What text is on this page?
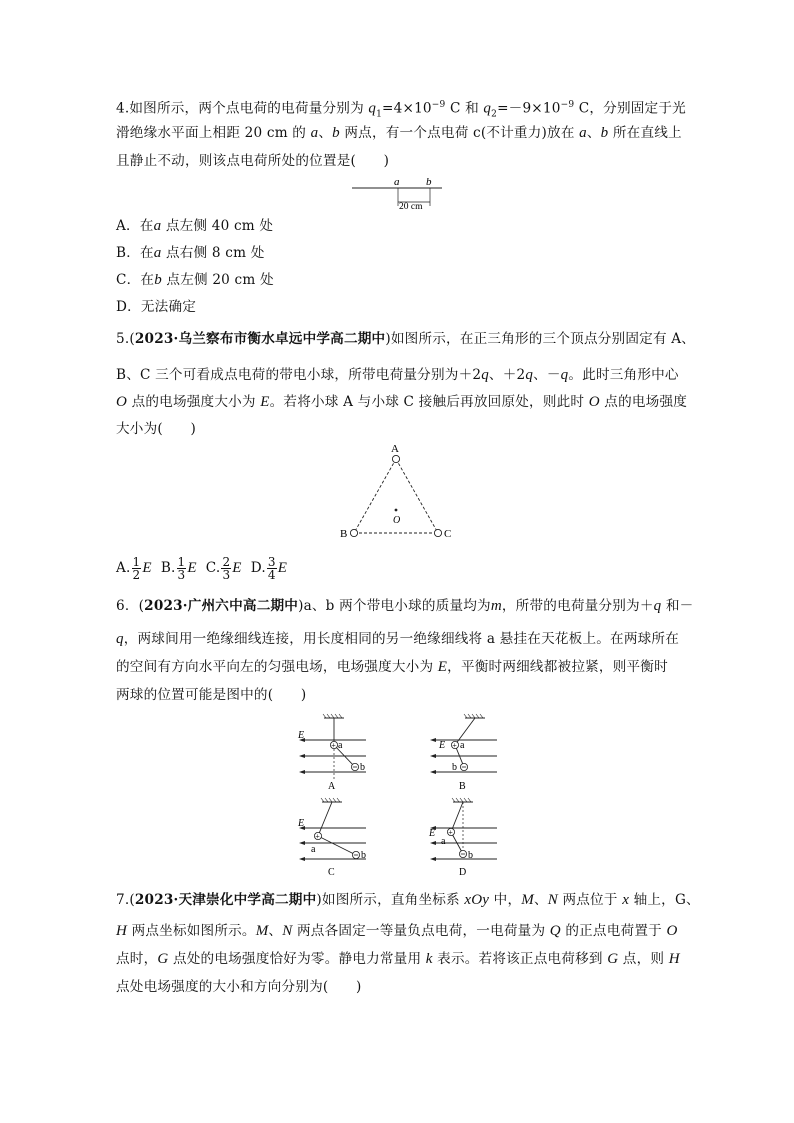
4.如图所示，两个点电荷的电荷量分别为 $q_1=4\times 10^{-9}$ C 和 $q_2=-9\times 10^{-9}$ C，分别固定于光
滑绝缘水平面上相距 20 cm 的 a、b 两点，有一个点电荷 c(不计重力)放在 a、b 所在直线上
且静止不动，则该点电荷所处的位置是(　　)
a b
20 cm
A．在a 点左侧 40 cm 处
B．在a 点右侧 8 cm 处
C．在b 点左侧 20 cm 处
D．无法确定
5.(2023·乌兰察布市衡水卓远中学高二期中)如图所示，在正三角形的三个顶点分别固定有 A、
B、C 三个可看成点电荷的带电小球，所带电荷量分别为＋2q、＋2q、－q。此时三角形中心
O 点的电场强度大小为 E。若将小球 A 与小球 C 接触后再放回原处，则此时 O 点的电场强度
大小为(　　)
A
B	C
O
A. $\frac{1}{2}$ E B. $\frac{1}{3}$ E C. $\frac{2}{3}$ E D. $\frac{3}{4}$ E
6．(2023·广州六中高二期中)a、b 两个带电小球的质量均为m，所带的电荷量分别为＋q 和－
q，两球间用一绝缘细线连接，用长度相同的另一绝缘细线将 a 悬挂在天花板上。在两球所在
的空间有方向水平向左的匀强电场，电场强度大小为 E，平衡时两细线都被拉紧，则平衡时
两球的位置可能是图中的(　　)
+
E
a
b
A
+
E a
b
B
+
E
a
b
C
+
E
a
b
D
7.(2023·天津崇化中学高二期中)如图所示，直角坐标系 xOy 中，M、N 两点位于 x 轴上，G、
H 两点坐标如图所示。M、N 两点各固定一等量负点电荷，一电荷量为 Q 的正点电荷置于 O
点时，G 点处的电场强度恰好为零。静电力常量用 k 表示。若将该正点电荷移到 G 点，则 H
点处电场强度的大小和方向分别为(　　)
